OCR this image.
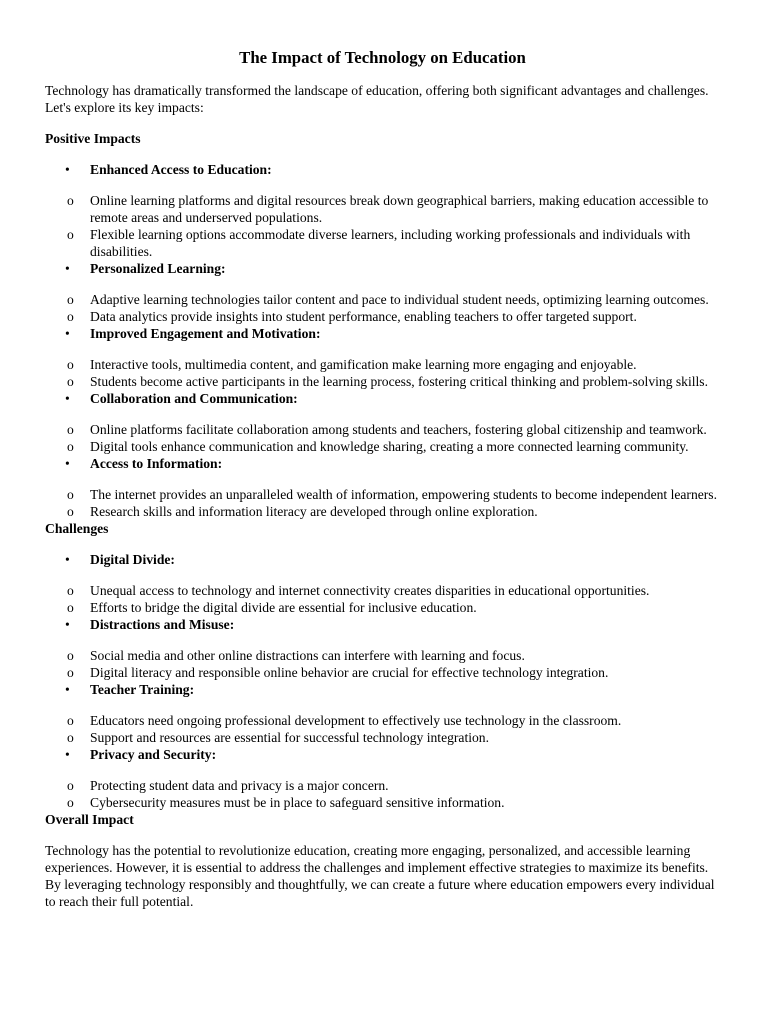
The Impact of Technology on Education

Technology has dramatically transformed the landscape of education, offering both significant advantages and challenges. Let's explore its key impacts:

Positive Impacts
• Enhanced Access to Education:
o Online learning platforms and digital resources break down geographical barriers, making education accessible to remote areas and underserved populations.
o Flexible learning options accommodate diverse learners, including working professionals and individuals with disabilities.
• Personalized Learning:
o Adaptive learning technologies tailor content and pace to individual student needs, optimizing learning outcomes.
o Data analytics provide insights into student performance, enabling teachers to offer targeted support.
• Improved Engagement and Motivation:
o Interactive tools, multimedia content, and gamification make learning more engaging and enjoyable.
o Students become active participants in the learning process, fostering critical thinking and problem-solving skills.
• Collaboration and Communication:
o Online platforms facilitate collaboration among students and teachers, fostering global citizenship and teamwork.
o Digital tools enhance communication and knowledge sharing, creating a more connected learning community.
• Access to Information:
o The internet provides an unparalleled wealth of information, empowering students to become independent learners.
o Research skills and information literacy are developed through online exploration.
Challenges
• Digital Divide:
o Unequal access to technology and internet connectivity creates disparities in educational opportunities.
o Efforts to bridge the digital divide are essential for inclusive education.
• Distractions and Misuse:
o Social media and other online distractions can interfere with learning and focus.
o Digital literacy and responsible online behavior are crucial for effective technology integration.
• Teacher Training:
o Educators need ongoing professional development to effectively use technology in the classroom.
o Support and resources are essential for successful technology integration.
• Privacy and Security:
o Protecting student data and privacy is a major concern.
o Cybersecurity measures must be in place to safeguard sensitive information.
Overall Impact

Technology has the potential to revolutionize education, creating more engaging, personalized, and accessible learning experiences. However, it is essential to address the challenges and implement effective strategies to maximize its benefits. By leveraging technology responsibly and thoughtfully, we can create a future where education empowers every individual to reach their full potential.
